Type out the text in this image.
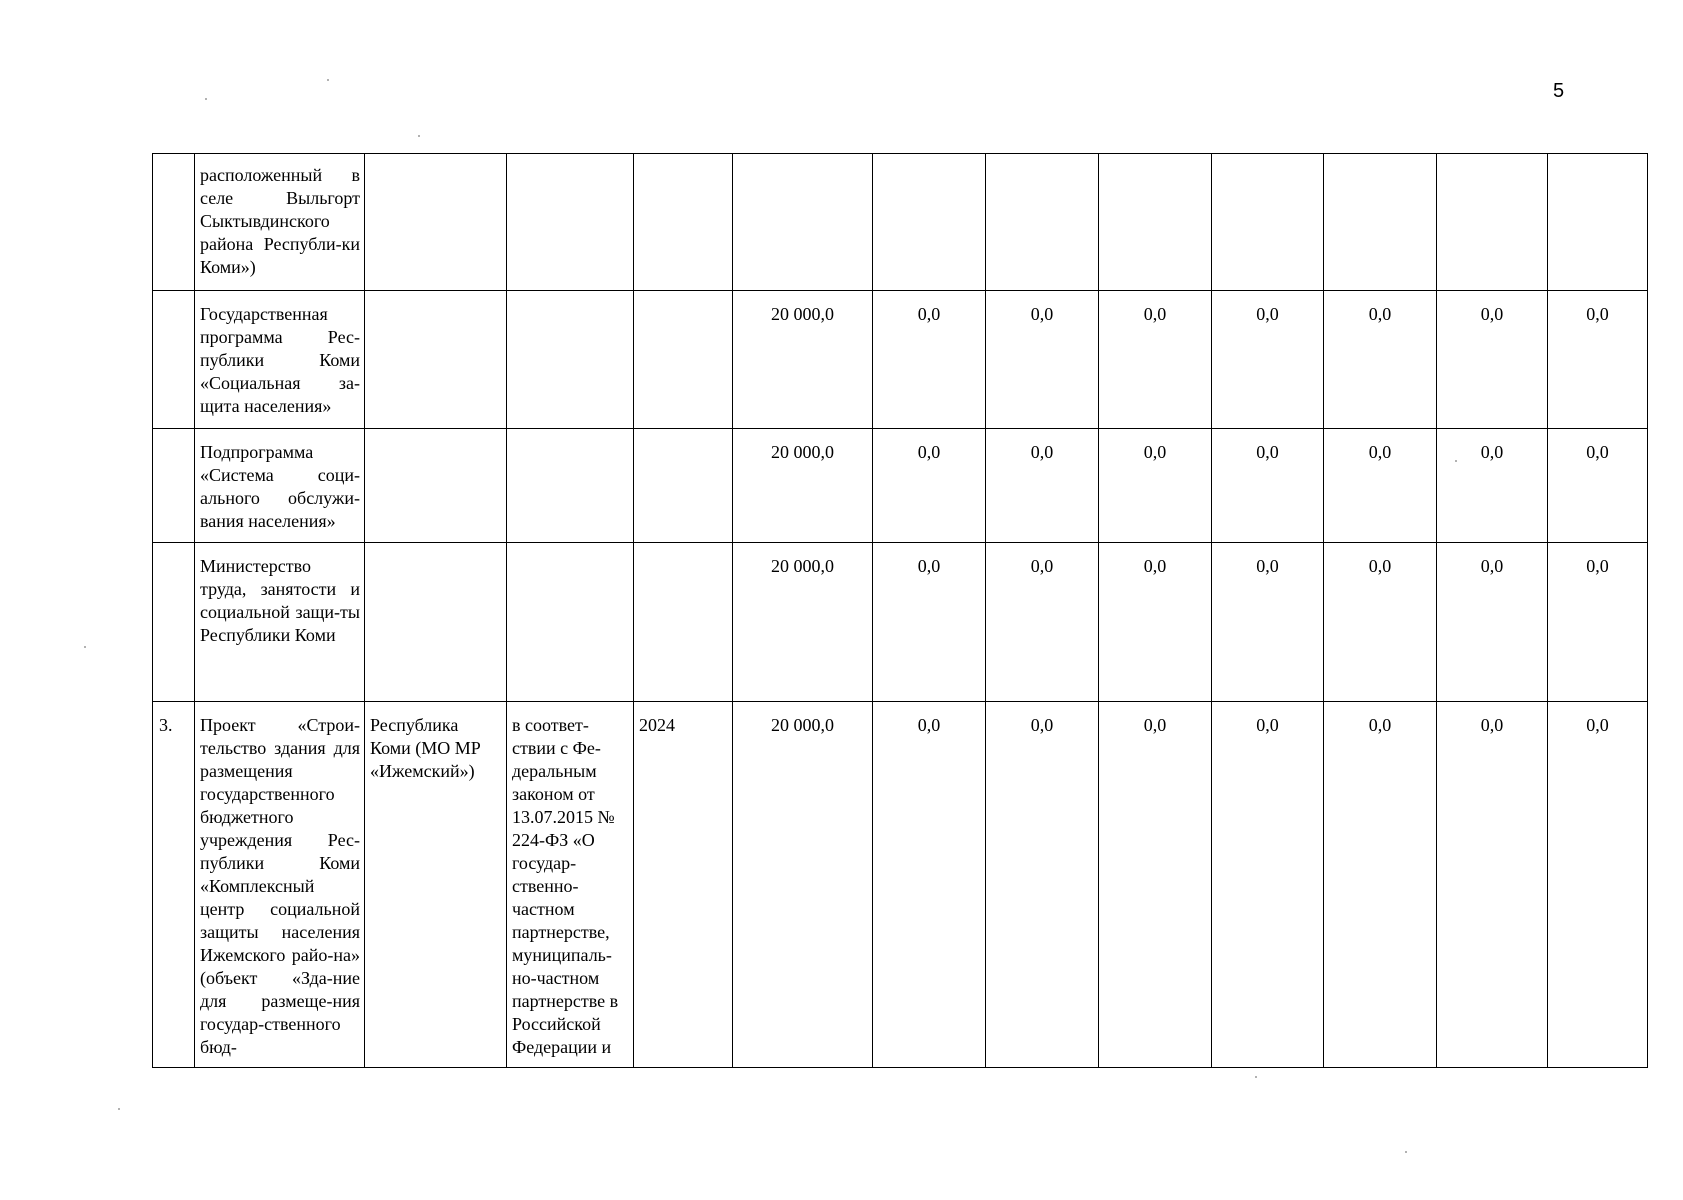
5
	расположенный в селе Выльгорт Сыктывдинского района Республи-ки Коми»)											
	Государственная программа Рес-публики Коми «Социальная за-щита населения»				20 000,0	0,0	0,0	0,0	0,0	0,0	0,0	0,0
	Подпрограмма «Система соци-ального обслужи-вания населения»				20 000,0	0,0	0,0	0,0	0,0	0,0	0,0	0,0
	Министерство труда, занятости и социальной защи-ты Республики Коми				20 000,0	0,0	0,0	0,0	0,0	0,0	0,0	0,0
3.	Проект «Строи-тельство здания для размещения государственного бюджетного учреждения Рес-публики Коми «Комплексный центр социальной защиты населения Ижемского райо-на» (объект «Зда-ние для размеще-ния государ-ственного бюд-	Республика Коми (МО МР «Ижемский»)	в соответ-ствии с Фе-деральным законом от 13.07.2015 № 224-ФЗ «О государ-ственно-частном партнерстве, муниципаль-но-частном партнерстве в Российской Федерации и	2024	20 000,0	0,0	0,0	0,0	0,0	0,0	0,0	0,0
